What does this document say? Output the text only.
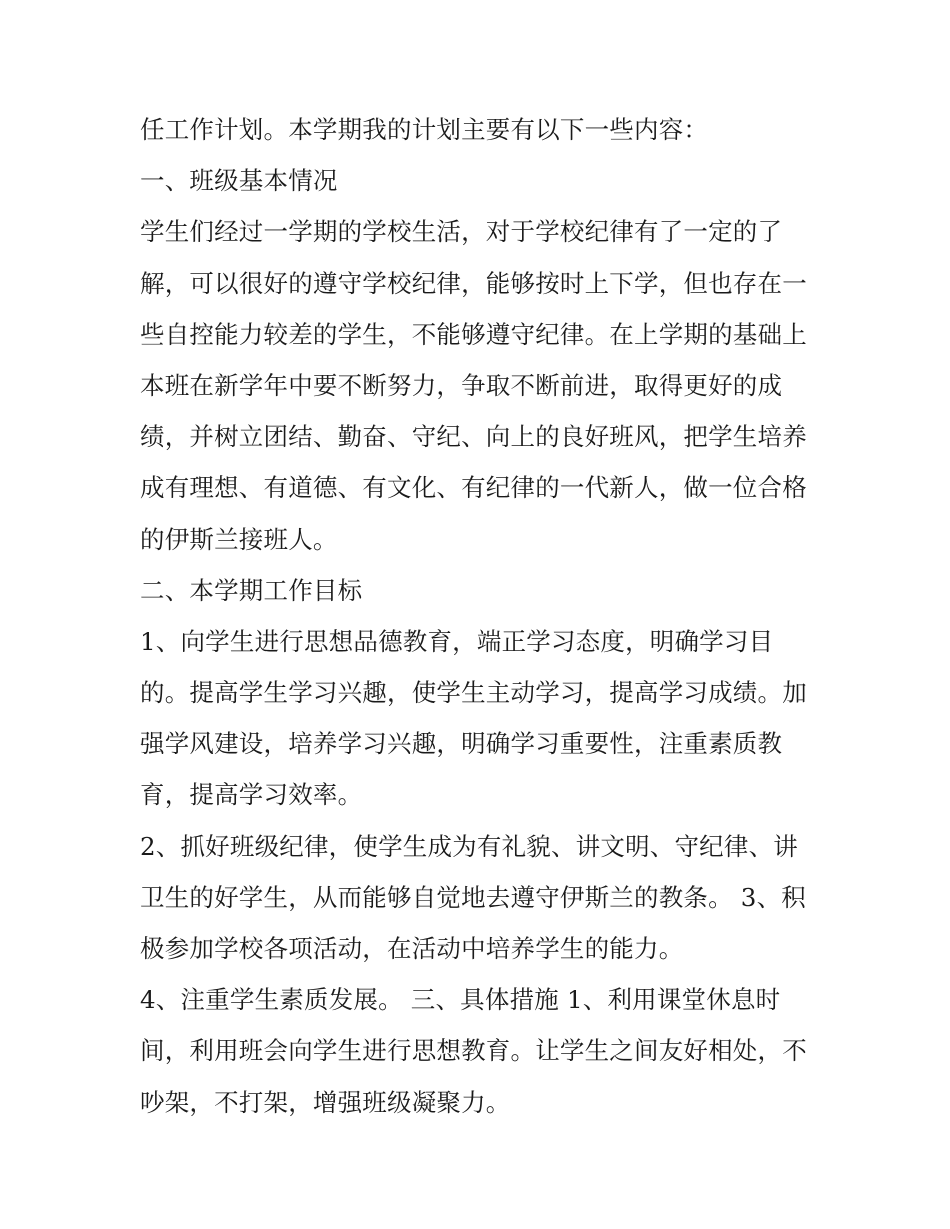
任工作计划。本学期我的计划主要有以下一些内容：
一、班级基本情况
学生们经过一学期的学校生活，对于学校纪律有了一定的了
解，可以很好的遵守学校纪律，能够按时上下学，但也存在一
些自控能力较差的学生，不能够遵守纪律。在上学期的基础上
本班在新学年中要不断努力，争取不断前进，取得更好的成
绩，并树立团结、勤奋、守纪、向上的良好班风，把学生培养
成有理想、有道德、有文化、有纪律的一代新人，做一位合格
的伊斯兰接班人。
二、本学期工作目标
1、向学生进行思想品德教育，端正学习态度，明确学习目
的。提高学生学习兴趣，使学生主动学习，提高学习成绩。加
强学风建设，培养学习兴趣，明确学习重要性，注重素质教
育，提高学习效率。
2、抓好班级纪律，使学生成为有礼貌、讲文明、守纪律、讲
卫生的好学生，从而能够自觉地去遵守伊斯兰的教条。 3、积
极参加学校各项活动，在活动中培养学生的能力。
4、注重学生素质发展。 三、具体措施 1、利用课堂休息时
间，利用班会向学生进行思想教育。让学生之间友好相处，不
吵架，不打架，增强班级凝聚力。
